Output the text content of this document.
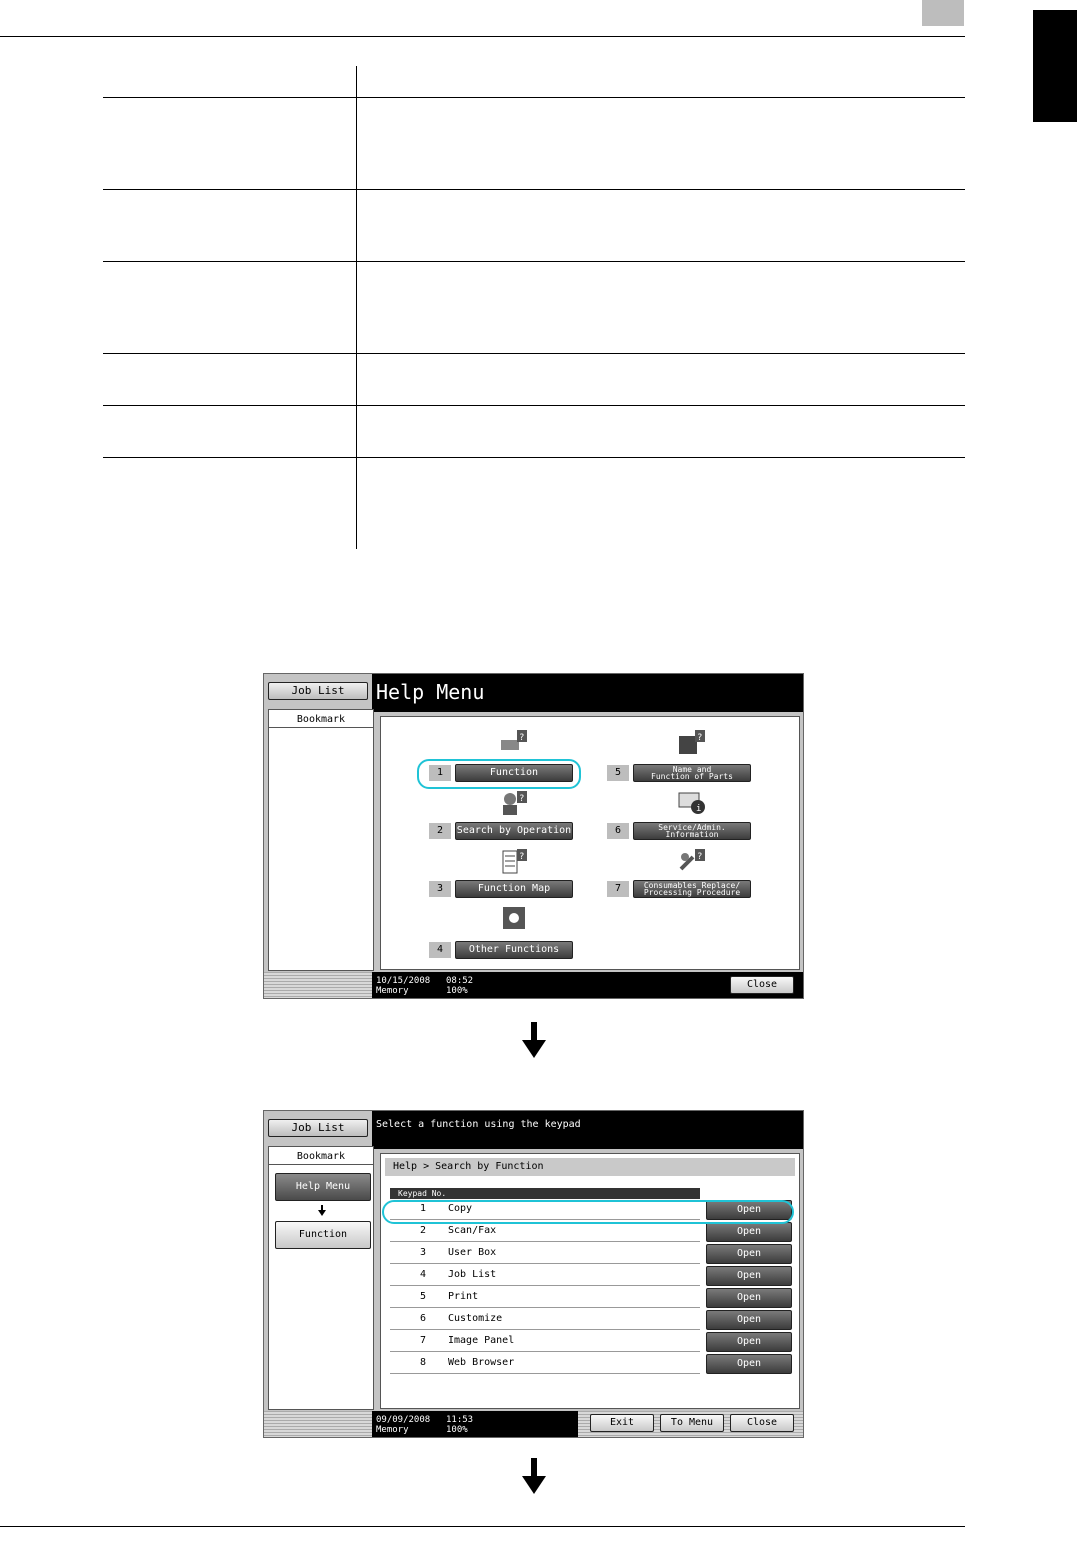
Job List	Help Menu
Bookmark
?
1	Function
?
2	Search by Operation
?
3	Function Map
4	Other Functions
?
5	Name and
Function of Parts
i
6	Service/Admin.
Information
?
7	Consumables Replace/
Processing Procedure
10/15/2008 08:52
Memory	100%
Close
Job List	Select a function using the keypad
Bookmark
Help Menu
Function
Help > Search by Function
Keypad No.
1 Copy	Open
2 Scan/Fax	Open
3 User Box	Open
4 Job List	Open
5 Print	Open
6 Customize	Open
7 Image Panel	Open
8 Web Browser	Open
09/09/2008 11:53
Memory	100%
Exit	To Menu	Close
